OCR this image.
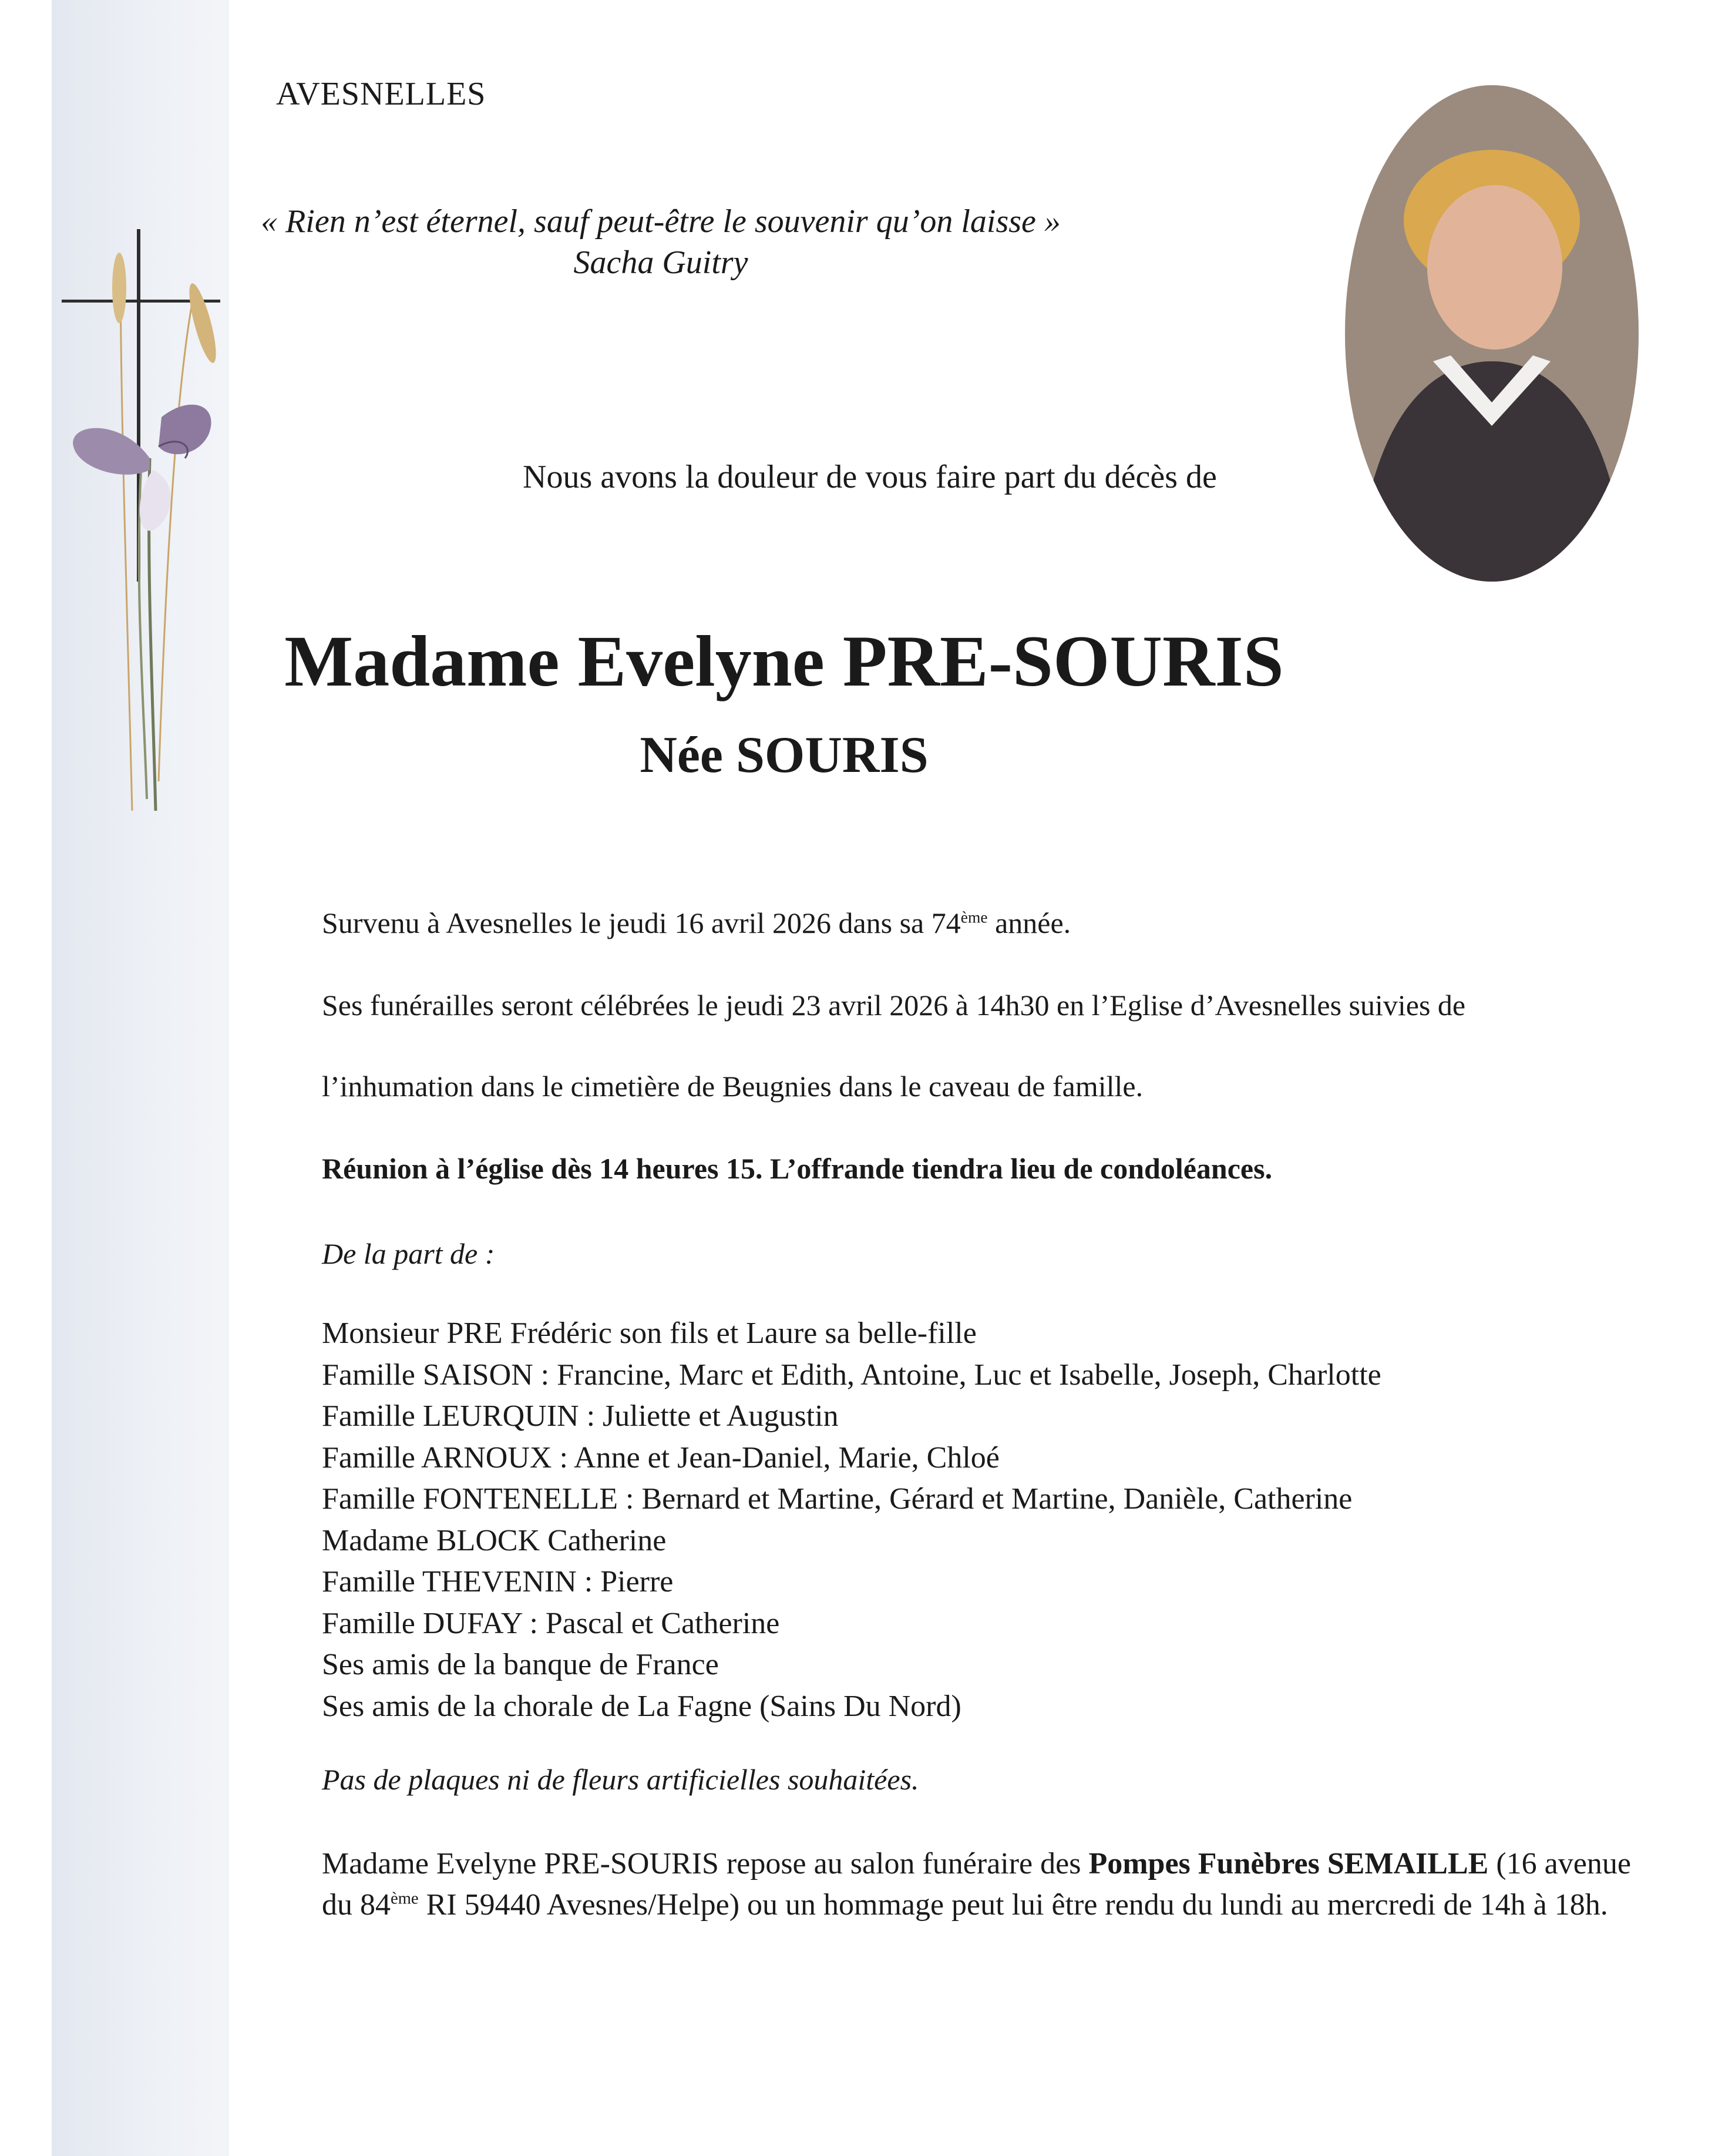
AVESNELLES
« Rien n’est éternel, sauf peut-être le souvenir qu’on laisse »
Sacha Guitry
Nous avons la douleur de vous faire part du décès de
Madame Evelyne PRE-SOURIS
Née SOURIS
Survenu à Avesnelles le jeudi 16 avril 2026 dans sa 74ème année.
Ses funérailles seront célébrées le jeudi 23 avril 2026 à 14h30 en l’Eglise d’Avesnelles suivies de
l’inhumation dans le cimetière de Beugnies dans le caveau de famille.
Réunion à l’église dès 14 heures 15. L’offrande tiendra lieu de condoléances.
De la part de :
Monsieur PRE Frédéric son fils et Laure sa belle-fille
Famille SAISON : Francine, Marc et Edith, Antoine, Luc et Isabelle, Joseph, Charlotte
Famille LEURQUIN : Juliette et Augustin
Famille ARNOUX : Anne et Jean-Daniel, Marie, Chloé
Famille FONTENELLE : Bernard et Martine, Gérard et Martine, Danièle, Catherine
Madame BLOCK Catherine
Famille THEVENIN : Pierre
Famille DUFAY : Pascal et Catherine
Ses amis de la banque de France
Ses amis de la chorale de La Fagne (Sains Du Nord)
Pas de plaques ni de fleurs artificielles souhaitées.
Madame Evelyne PRE-SOURIS repose au salon funéraire des Pompes Funèbres SEMAILLE (16 avenue du 84ème RI 59440 Avesnes/Helpe) ou un hommage peut lui être rendu du lundi au mercredi de 14h à 18h.
